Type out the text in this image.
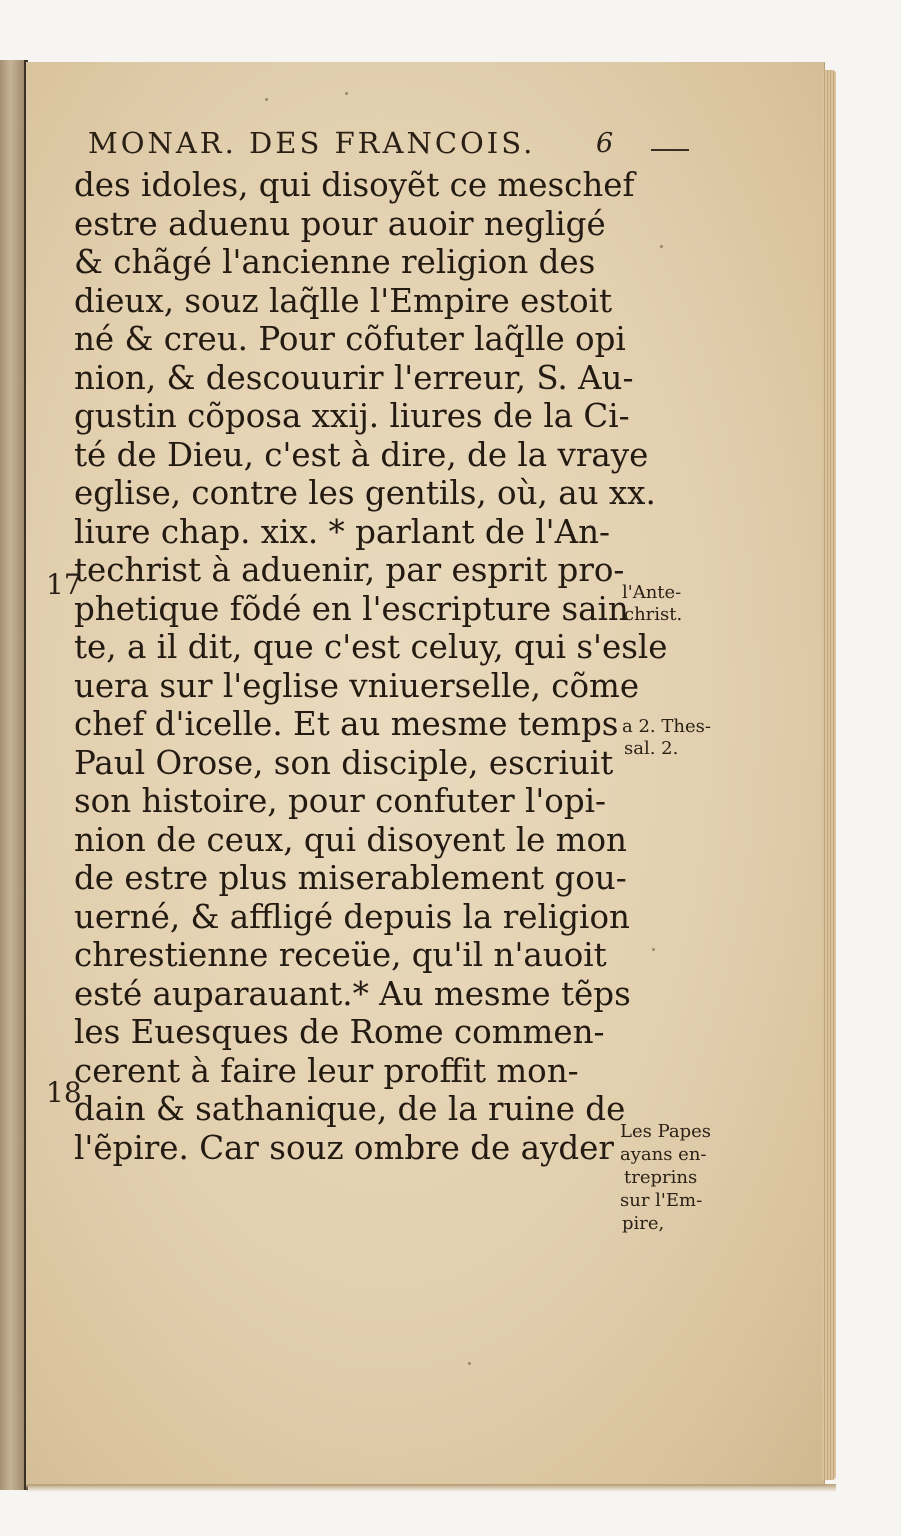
MONAR. DES FRANCOIS.	6
des idoles, qui disoyẽt ce meschef
estre aduenu pour auoir negligé
& chãgé l'ancienne religion des
dieux, souz laq̃lle l'Empire estoit
né & creu. Pour cõfuter laq̃lle opi
nion, & descouurir l'erreur, S. Au-
gustin cõposa xxij. liures de la Ci-
té de Dieu, c'est à dire, de la vraye
eglise, contre les gentils, où, au xx.
liure chap. xix. * parlant de l'An-
techrist à aduenir, par esprit pro-
phetique fõdé en l'escripture sain
te, a il dit, que c'est celuy, qui s'esle
uera sur l'eglise vniuerselle, cõme
chef d'icelle. Et au mesme temps
Paul Orose, son disciple, escriuit
son histoire, pour confuter l'opi-
nion de ceux, qui disoyent le mon
de estre plus miserablement gou-
uerné, & affligé depuis la religion
chrestienne receüe, qu'il n'auoit
esté auparauant.* Au mesme tẽps
les Euesques de Rome commen-
cerent à faire leur proffit mon-
dain & sathanique, de la ruine de
l'ẽpire. Car souz ombre de ayder
17
18
l'Ante-
christ.
a 2. Thes-
sal. 2.
Les Papes
ayans en-
treprins
sur l'Em-
pire,
